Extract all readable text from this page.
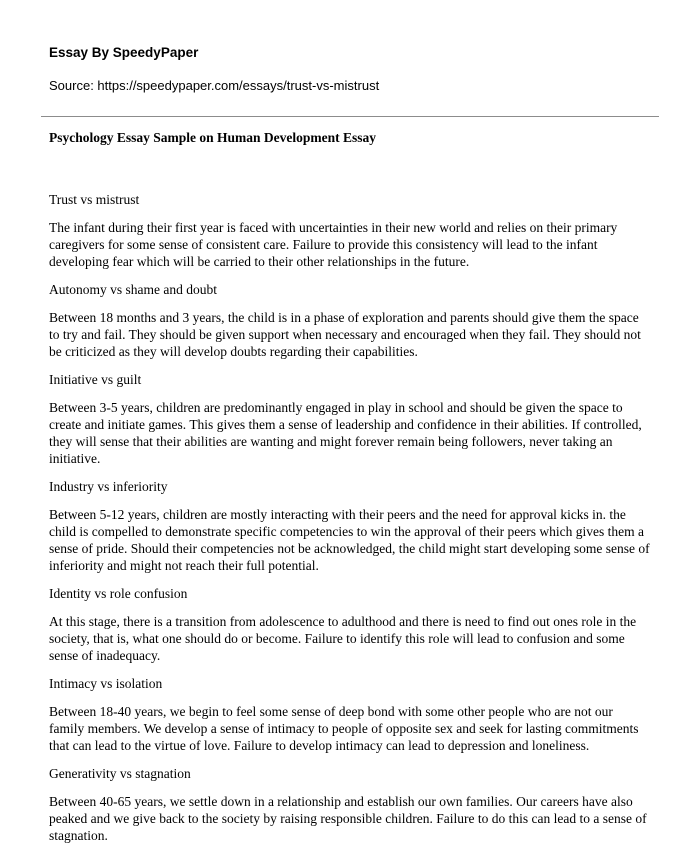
Essay By SpeedyPaper

Source: https://speedypaper.com/essays/trust-vs-mistrust

Psychology Essay Sample on Human Development Essay

Trust vs mistrust

The infant during their first year is faced with uncertainties in their new world and relies on their primary caregivers for some sense of consistent care. Failure to provide this consistency will lead to the infant developing fear which will be carried to their other relationships in the future.

Autonomy vs shame and doubt

Between 18 months and 3 years, the child is in a phase of exploration and parents should give them the space to try and fail. They should be given support when necessary and encouraged when they fail. They should not be criticized as they will develop doubts regarding their capabilities.

Initiative vs guilt

Between 3-5 years, children are predominantly engaged in play in school and should be given the space to create and initiate games. This gives them a sense of leadership and confidence in their abilities. If controlled, they will sense that their abilities are wanting and might forever remain being followers, never taking an initiative.

Industry vs inferiority

Between 5-12 years, children are mostly interacting with their peers and the need for approval kicks in. the child is compelled to demonstrate specific competencies to win the approval of their peers which gives them a sense of pride. Should their competencies not be acknowledged, the child might start developing some sense of inferiority and might not reach their full potential.

Identity vs role confusion

At this stage, there is a transition from adolescence to adulthood and there is need to find out ones role in the society, that is, what one should do or become. Failure to identify this role will lead to confusion and some sense of inadequacy.

Intimacy vs isolation

Between 18-40 years, we begin to feel some sense of deep bond with some other people who are not our family members. We develop a sense of intimacy to people of opposite sex and seek for lasting commitments that can lead to the virtue of love. Failure to develop intimacy can lead to depression and loneliness.

Generativity vs stagnation

Between 40-65 years, we settle down in a relationship and establish our own families. Our careers have also peaked and we give back to the society by raising responsible children. Failure to do this can lead to a sense of stagnation.
